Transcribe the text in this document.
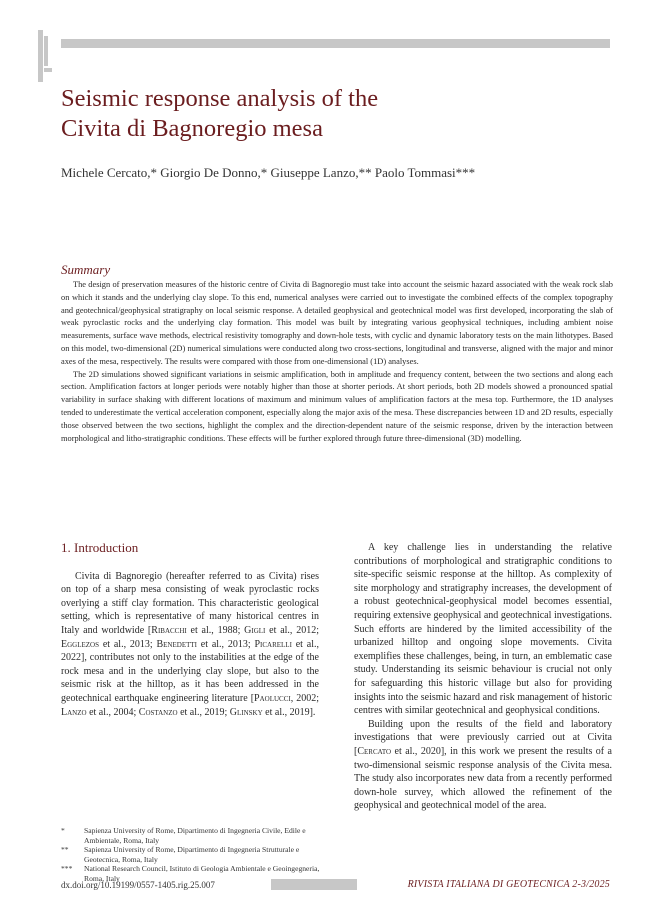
Seismic response analysis of the
Civita di Bagnoregio mesa
Michele Cercato,* Giorgio De Donno,* Giuseppe Lanzo,** Paolo Tommasi***
Summary

The design of preservation measures of the historic centre of Civita di Bagnoregio must take into account the seismic hazard associated with the weak rock slab on which it stands and the underlying clay slope. To this end, numerical analyses were carried out to investigate the combined effects of the complex topography and geotechnical/geophysical stratigraphy on local seismic response. A detailed geophysical and geotechnical model was first developed, incorporating the slab of weak pyroclastic rocks and the underlying clay formation. This model was built by integrating various geophysical techniques, including ambient noise measurements, surface wave methods, electrical resistivity tomography and down-hole tests, with cyclic and dynamic laboratory tests on the main lithotypes. Based on this model, two-dimensional (2D) numerical simulations were conducted along two cross-sections, longitudinal and transverse, aligned with the major and minor axes of the mesa, respectively. The results were compared with those from one-dimensional (1D) analyses.

The 2D simulations showed significant variations in seismic amplification, both in amplitude and frequency content, between the two sections and along each section. Amplification factors at longer periods were notably higher than those at shorter periods. At short periods, both 2D models showed a pronounced spatial variability in surface shaking with different locations of maximum and minimum values of amplification factors at the mesa top. Furthermore, the 1D analyses tended to underestimate the vertical acceleration component, especially along the major axis of the mesa. These discrepancies between 1D and 2D results, especially those observed between the two sections, highlight the complex and the direction-dependent nature of the seismic response, driven by the interaction between morphological and litho-stratigraphic conditions. These effects will be further explored through future three-dimensional (3D) modelling.

1. Introduction

Civita di Bagnoregio (hereafter referred to as Civita) rises on top of a sharp mesa consisting of weak pyroclastic rocks overlying a stiff clay formation. This characteristic geological setting, which is representative of many historical centres in Italy and worldwide [Ribacchi et al., 1988; Gigli et al., 2012; Egglezos et al., 2013; Benedetti et al., 2013; Picarelli et al., 2022], contributes not only to the instabilities at the edge of the rock mesa and in the underlying clay slope, but also to the seismic risk at the hilltop, as it has been addressed in the geotechnical earthquake engineering literature [Paolucci, 2002; Lanzo et al., 2004; Costanzo et al., 2019; Glinsky et al., 2019].

A key challenge lies in understanding the relative contributions of morphological and stratigraphic conditions to site-specific seismic response at the hilltop. As complexity of site morphology and stratigraphy increases, the development of a robust geotechnical-geophysical model becomes essential, requiring extensive geophysical and geotechnical investigations. Such efforts are hindered by the limited accessibility of the urbanized hilltop and ongoing slope movements. Civita exemplifies these challenges, being, in turn, an emblematic case study. Understanding its seismic behaviour is crucial not only for safeguarding this historic village but also for providing insights into the seismic hazard and risk management of historic centres with similar geotechnical and geophysical conditions.

Building upon the results of the field and laboratory investigations that were previously carried out at Civita [Cercato et al., 2020], in this work we present the results of a two-dimensional seismic response analysis of the Civita mesa. The study also incorporates new data from a recently performed down-hole survey, which allowed the refinement of the geophysical and geotechnical model of the area.

*	Sapienza University of Rome, Dipartimento di Ingegneria Civile, Edile e Ambientale, Roma, Italy
**	Sapienza University of Rome, Dipartimento di Ingegneria Strutturale e Geotecnica, Roma, Italy
***	National Research Council, Istituto di Geologia Ambientale e Geoingegneria, Roma, Italy
dx.doi.org/10.19199/0557-1405.rig.25.007	RIVISTA ITALIANA DI GEOTECNICA 2-3/2025
